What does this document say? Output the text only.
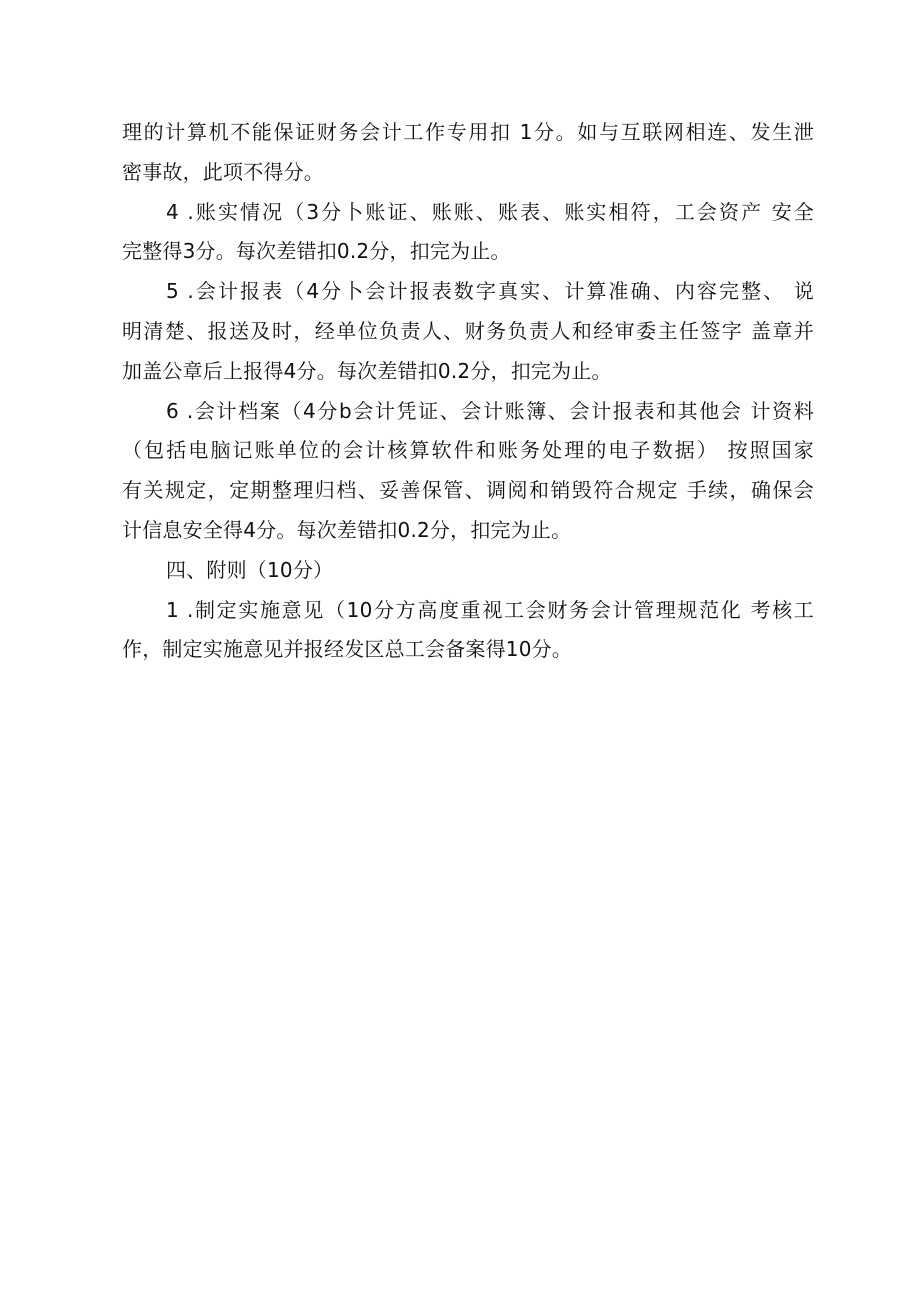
理的计算机不能保证财务会计工作专用扣 1分。如与互联网相连、发生泄
密事故，此项不得分。
4 .账实情况（3分卜账证、账账、账表、账实相符，工会资产 安全
完整得3分。每次差错扣0.2分，扣完为止。
5 .会计报表（4分卜会计报表数字真实、计算准确、内容完整、 说
明清楚、报送及时，经单位负责人、财务负责人和经审委主任签字 盖章并
加盖公章后上报得4分。每次差错扣0.2分，扣完为止。
6 .会计档案（4分b会计凭证、会计账簿、会计报表和其他会 计资料
（包括电脑记账单位的会计核算软件和账务处理的电子数据） 按照国家
有关规定，定期整理归档、妥善保管、调阅和销毁符合规定 手续，确保会
计信息安全得4分。每次差错扣0.2分，扣完为止。
四、附则（10分）
1 .制定实施意见（10分方高度重视工会财务会计管理规范化 考核工
作，制定实施意见并报经发区总工会备案得10分。
